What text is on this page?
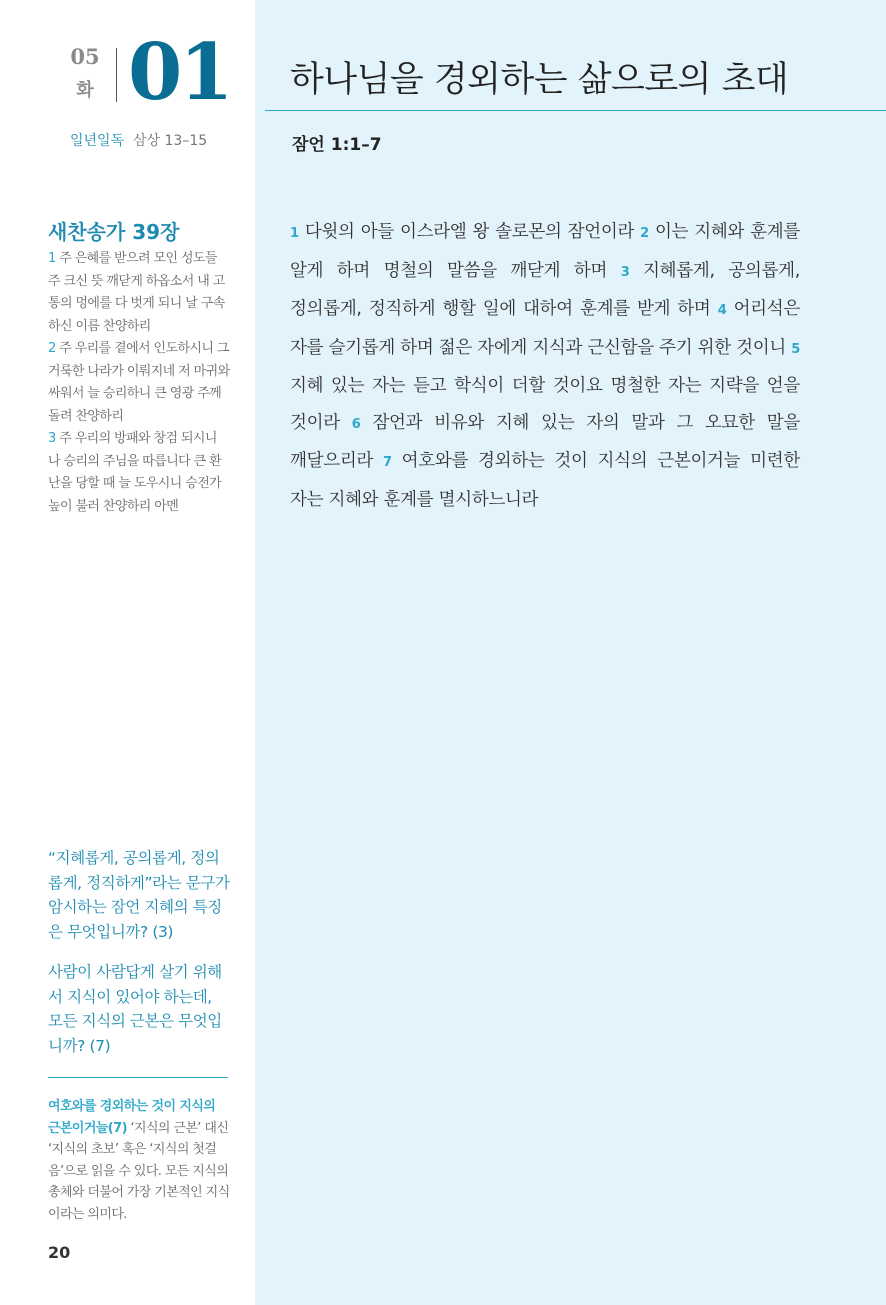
05
화 01
일년일독 삼상 13–15
새찬송가 39장
1 주 은혜를 받으려 모인 성도들 주 크신 뜻 깨닫게 하옵소서 내 고통의 멍에를 다 벗게 되니 날 구속하신 이름 찬양하리
2 주 우리를 곁에서 인도하시니 그 거룩한 나라가 이뤄지네 저 마귀와 싸워서 늘 승리하니 큰 영광 주께 돌려 찬양하리
3 주 우리의 방패와 창검 되시니 나 승리의 주님을 따릅니다 큰 환난을 당할 때 늘 도우시니 승전가 높이 불러 찬양하리 아멘
“지혜롭게, 공의롭게, 정의롭게, 정직하게”라는 문구가 암시하는 잠언 지혜의 특징은 무엇입니까? (3)
사람이 사람답게 살기 위해서 지식이 있어야 하는데, 모든 지식의 근본은 무엇입니까? (7)
여호와를 경외하는 것이 지식의 근본이거늘(7) ‘지식의 근본’ 대신 ‘지식의 초보’ 혹은 ‘지식의 첫걸음’으로 읽을 수 있다. 모든 지식의 총체와 더불어 가장 기본적인 지식이라는 의미다.
20
하나님을 경외하는 삶으로의 초대
잠언 1:1–7
1 다윗의 아들 이스라엘 왕 솔로몬의 잠언이라 2 이는 지혜와 훈계를 알게 하며 명철의 말씀을 깨닫게 하며 3 지혜롭게, 공의롭게, 정의롭게, 정직하게 행할 일에 대하여 훈계를 받게 하며 4 어리석은 자를 슬기롭게 하며 젊은 자에게 지식과 근신함을 주기 위한 것이니 5 지혜 있는 자는 듣고 학식이 더할 것이요 명철한 자는 지략을 얻을 것이라 6 잠언과 비유와 지혜 있는 자의 말과 그 오묘한 말을 깨달으리라 7 여호와를 경외하는 것이 지식의 근본이거늘 미련한 자는 지혜와 훈계를 멸시하느니라
